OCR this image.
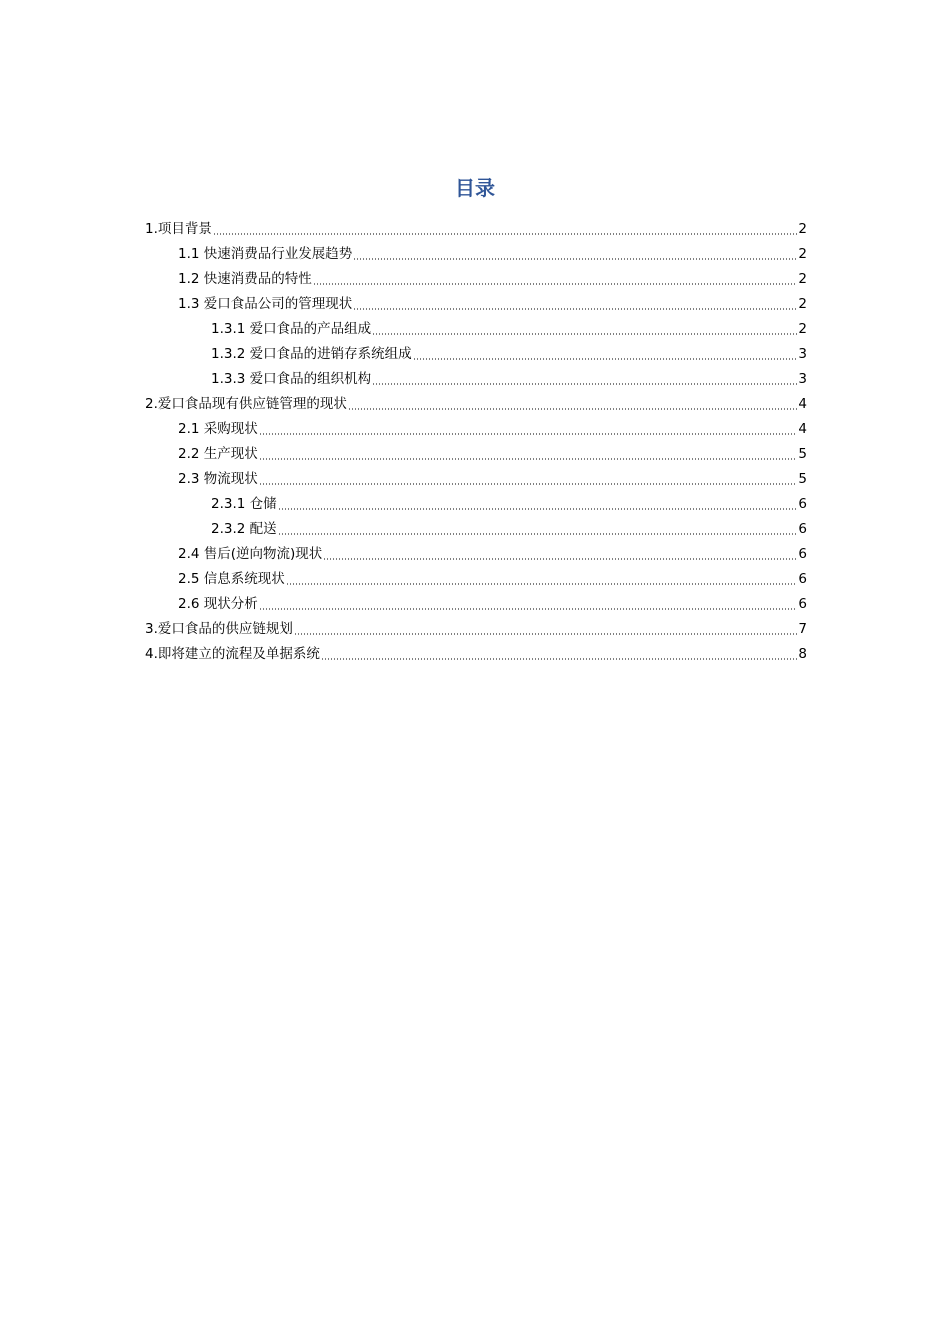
目录
1.项目背景	2
1.1 快速消费品行业发展趋势	2
1.2 快速消费品的特性	2
1.3 爱口食品公司的管理现状	2
1.3.1 爱口食品的产品组成	2
1.3.2 爱口食品的进销存系统组成	3
1.3.3 爱口食品的组织机构	3
2.爱口食品现有供应链管理的现状	4
2.1 采购现状	4
2.2 生产现状	5
2.3 物流现状	5
2.3.1 仓储	6
2.3.2 配送	6
2.4 售后(逆向物流)现状	6
2.5 信息系统现状	6
2.6 现状分析	6
3.爱口食品的供应链规划	7
4.即将建立的流程及单据系统	8
